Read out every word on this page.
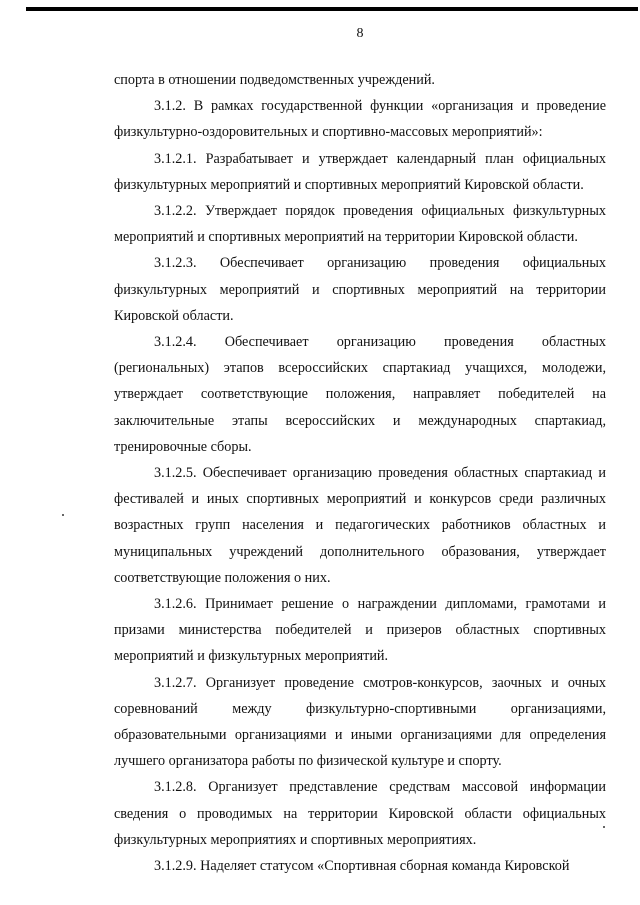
8

спорта в отношении подведомственных учреждений.

3.1.2. В рамках государственной функции «организация и проведение физкультурно-оздоровительных и спортивно-массовых мероприятий»:

3.1.2.1. Разрабатывает и утверждает календарный план официальных физкультурных мероприятий и спортивных мероприятий Кировской области.

3.1.2.2. Утверждает порядок проведения официальных физкультурных мероприятий и спортивных мероприятий на территории Кировской области.

3.1.2.3. Обеспечивает организацию проведения официальных физкультурных мероприятий и спортивных мероприятий на территории Кировской области.

3.1.2.4. Обеспечивает организацию проведения областных (региональных) этапов всероссийских спартакиад учащихся, молодежи, утверждает соответствующие положения, направляет победителей на заключительные этапы всероссийских и международных спартакиад, тренировочные сборы.

3.1.2.5. Обеспечивает организацию проведения областных спартакиад и фестивалей и иных спортивных мероприятий и конкурсов среди различных возрастных групп населения и педагогических работников областных и муниципальных учреждений дополнительного образования, утверждает соответствующие положения о них.

3.1.2.6. Принимает решение о награждении дипломами, грамотами и призами министерства победителей и призеров областных спортивных мероприятий и физкультурных мероприятий.

3.1.2.7. Организует проведение смотров-конкурсов, заочных и очных соревнований между физкультурно-спортивными организациями, образовательными организациями и иными организациями для определения лучшего организатора работы по физической культуре и спорту.

3.1.2.8. Организует представление средствам массовой информации сведения о проводимых на территории Кировской области официальных физкультурных мероприятиях и спортивных мероприятиях.

3.1.2.9. Наделяет статусом «Спортивная сборная команда Кировской
